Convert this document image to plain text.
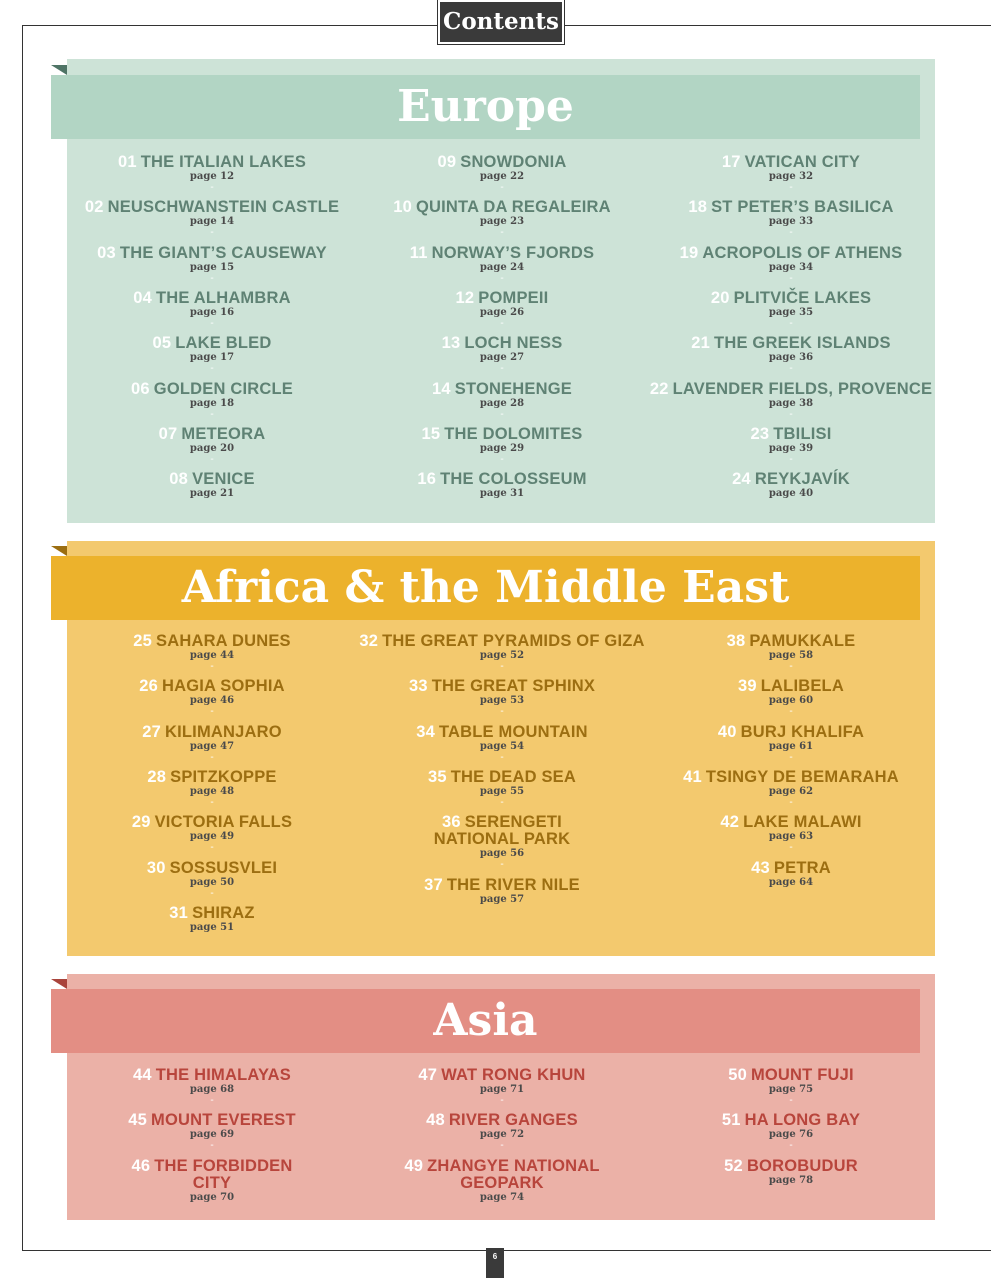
Contents
01 THE ITALIAN LAKES
page 12
-
02 NEUSCHWANSTEIN CASTLE
page 14
-
03 THE GIANT’S CAUSEWAY
page 15
-
04 THE ALHAMBRA
page 16
-
05 LAKE BLED
page 17
-
06 GOLDEN CIRCLE
page 18
-
07 METEORA
page 20
-
08 VENICE
page 21
09 SNOWDONIA
page 22
-
10 QUINTA DA REGALEIRA
page 23
-
11 NORWAY’S FJORDS
page 24
-
12 POMPEII
page 26
-
13 LOCH NESS
page 27
-
14 STONEHENGE
page 28
-
15 THE DOLOMITES
page 29
-
16 THE COLOSSEUM
page 31
17 VATICAN CITY
page 32
-
18 ST PETER’S BASILICA
page 33
-
19 ACROPOLIS OF ATHENS
page 34
-
20 PLITVIČE LAKES
page 35
-
21 THE GREEK ISLANDS
page 36
-
22 LAVENDER FIELDS, PROVENCE
page 38
-
23 TBILISI
page 39
-
24 REYKJAVÍK
page 40
Europe
25 SAHARA DUNES
page 44
-
26 HAGIA SOPHIA
page 46
-
27 KILIMANJARO
page 47
-
28 SPITZKOPPE
page 48
-
29 VICTORIA FALLS
page 49
-
30 SOSSUSVLEI
page 50
-
31 SHIRAZ
page 51
32 THE GREAT PYRAMIDS OF GIZA
page 52
-
33 THE GREAT SPHINX
page 53
-
34 TABLE MOUNTAIN
page 54
-
35 THE DEAD SEA
page 55
-
36 SERENGETI
NATIONAL PARK
page 56
-
37 THE RIVER NILE
page 57
38 PAMUKKALE
page 58
-
39 LALIBELA
page 60
-
40 BURJ KHALIFA
page 61
-
41 TSINGY DE BEMARAHA
page 62
-
42 LAKE MALAWI
page 63
-
43 PETRA
page 64
Africa & the Middle East
44 THE HIMALAYAS
page 68
-
45 MOUNT EVEREST
page 69
-
46 THE FORBIDDEN
CITY
page 70
47 WAT RONG KHUN
page 71
-
48 RIVER GANGES
page 72
-
49 ZHANGYE NATIONAL
GEOPARK
page 74
50 MOUNT FUJI
page 75
-
51 HA LONG BAY
page 76
-
52 BOROBUDUR
page 78
Asia
6
